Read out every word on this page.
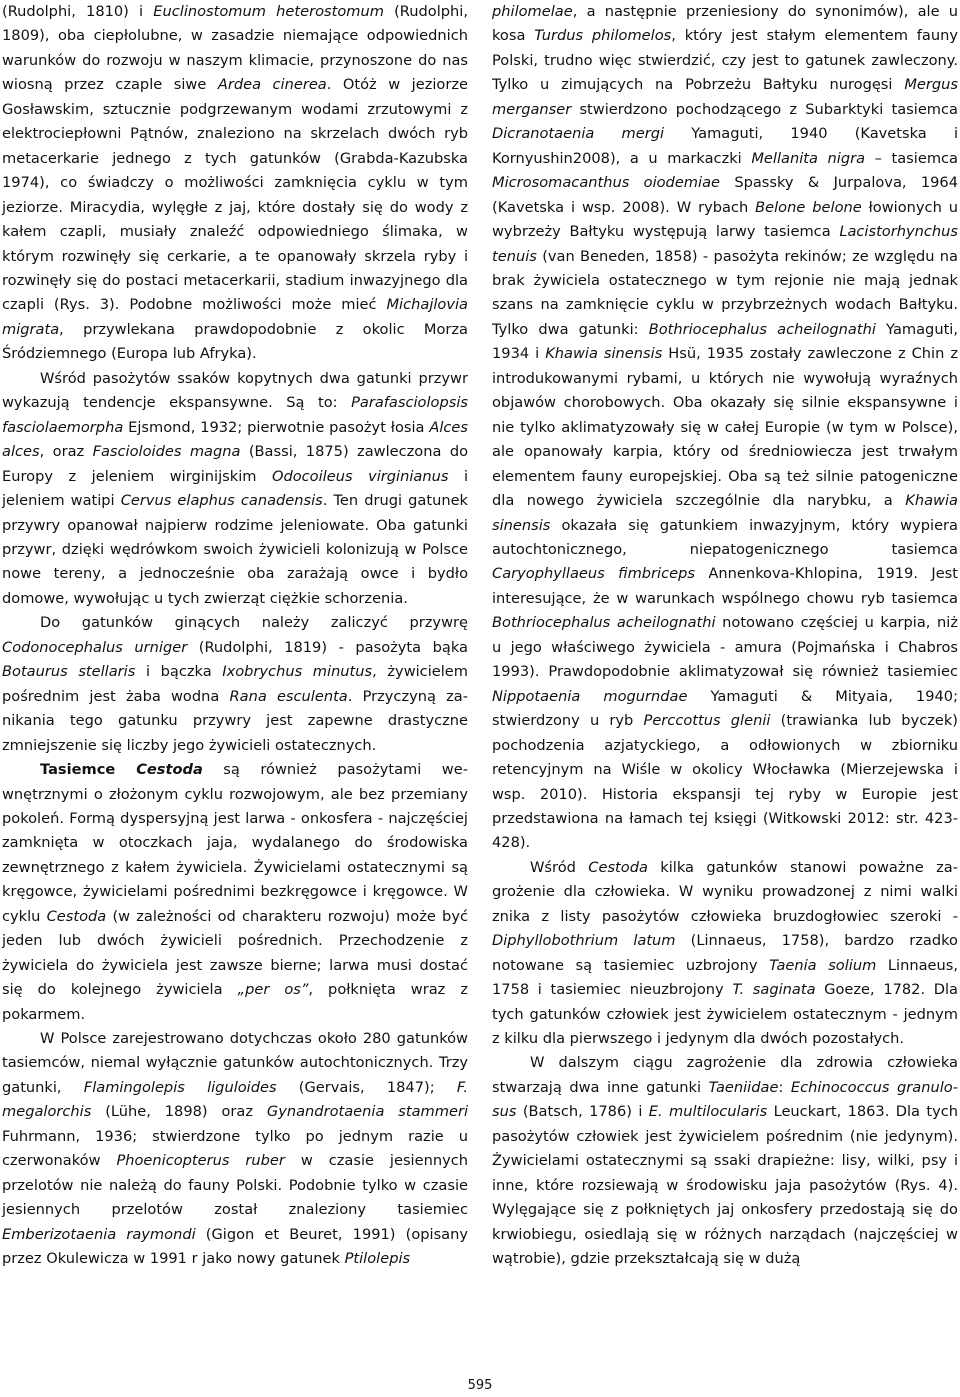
(Rudolphi, 1810) i Euclinostomum heterostomum (Rudolphi, 1809), oba ciepłolubne, w zasadzie niemające odpowiednich warunków do rozwoju w naszym klimacie, przynoszone do nas wiosną przez czaple siwe Ardea cinerea. Otóż w jeziorze Gosławskim, sztucznie podgrzewanym wodami zrzutowymi z elektrociepłowni Pątnów, znaleziono na skrzelach dwóch ryb metacerkarie jednego z tych gatunków (Grabda-Kazubska 1974), co świadczy o możliwości zamknięcia cyklu w tym jeziorze. Miracydia, wylęgłe z jaj, które dostały się do wody z kałem czapli, musiały znaleźć odpowiedniego ślimaka, w którym rozwinęły się cerkarie, a te opanowały skrzela ryby i rozwinęły się do postaci metacerkarii, stadium inwazyjnego dla czapli (Rys. 3). Podobne możliwości może mieć Michajlovia migrata, przywlekana prawdopodobnie z okolic Morza Śródziemnego (Europa lub Afryka).

Wśród pasożytów ssaków kopytnych dwa gatunki przywr wykazują tendencje ekspansywne. Są to: Parafasciolopsis fasciolaemorpha Ejsmond, 1932; pierwotnie pasożyt łosia Alces alces, oraz Fascioloides magna (Bassi, 1875) zawleczona do Europy z jeleniem wirginijskim Odocoileus virginianus i jeleniem watipi Cervus elaphus canadensis. Ten drugi gatunek przywry opanował najpierw rodzime jeleniowate. Oba gatunki przywr, dzięki wędrówkom swoich żywicieli kolonizują w Polsce nowe tereny, a jednocześnie oba zarażają owce i bydło domowe, wywołując u tych zwierząt ciężkie schorzenia.

Do gatunków ginących należy zaliczyć przywrę Codonocephalus urniger (Rudolphi, 1819) - pasożyta bąka Botaurus stellaris i bączka Ixobrychus minutus, żywicielem pośrednim jest żaba wodna Rana esculenta. Przyczyną zanikania tego gatunku przywry jest zapewne drastyczne zmniejszenie się liczby jego żywicieli ostatecznych.

Tasiemce Cestoda są również pasożytami wewnętrznymi o złożonym cyklu rozwojowym, ale bez przemiany pokoleń. Formą dyspersyjną jest larwa - onkosfera - najczęściej zamknięta w otoczkach jaja, wydalanego do środowiska zewnętrznego z kałem żywiciela. Żywicielami ostatecznymi są kręgowce, żywicielami pośrednimi bezkręgowce i kręgowce. W cyklu Cestoda (w zależności od charakteru rozwoju) może być jeden lub dwóch żywicieli pośrednich. Przechodzenie z żywiciela do żywiciela jest zawsze bierne; larwa musi dostać się do kolejnego żywiciela „per os”, połknięta wraz z pokarmem.

W Polsce zarejestrowano dotychczas około 280 gatunków tasiemców, niemal wyłącznie gatunków autochtonicznych. Trzy gatunki, Flamingolepis liguloides (Gervais, 1847); F. megalorchis (Lühe, 1898) oraz Gynandrotaenia stammeri Fuhrmann, 1936; stwierdzone tylko po jednym razie u czerwonaków Phoenicopterus ruber w czasie jesiennych przelotów nie należą do fauny Polski. Podobnie tylko w czasie jesiennych przelotów został znaleziony tasiemiec Emberizotaenia raymondi (Gigon et Beuret, 1991) (opisany przez Okulewicza w 1991 r jako nowy gatunek Ptilolepis

philomelae, a następnie przeniesiony do synonimów), ale u kosa Turdus philomelos, który jest stałym elementem fauny Polski, trudno więc stwierdzić, czy jest to gatunek zawleczony. Tylko u zimujących na Pobrzeżu Bałtyku nurogęsi Mergus merganser stwierdzono pochodzącego z Subarktyki tasiemca Dicranotaenia mergi Yamaguti, 1940 (Kavetska i Kornyushin2008), a u markaczki Mellanita nigra – tasiemca Microsomacanthus oiodemiae Spassky & Jurpalova, 1964 (Kavetska i wsp. 2008). W rybach Belone belone łowionych u wybrzeży Bałtyku występują larwy tasiemca Lacistorhynchus tenuis (van Beneden, 1858) - pasożyta rekinów; ze względu na brak żywiciela ostatecznego w tym rejonie nie mają jednak szans na zamknięcie cyklu w przybrzeżnych wodach Bałtyku. Tylko dwa gatunki: Bothriocephalus acheilognathi Yamaguti, 1934 i Khawia sinensis Hsü, 1935 zostały zawleczone z Chin z introdukowanymi rybami, u których nie wywołują wyraźnych objawów chorobowych. Oba okazały się silnie ekspansywne i nie tylko aklimatyzowały się w całej Europie (w tym w Polsce), ale opanowały karpia, który od średniowiecza jest trwałym elementem fauny europejskiej. Oba są też silnie patogeniczne dla nowego żywiciela szczególnie dla narybku, a Khawia sinensis okazała się gatunkiem inwazyjnym, który wypiera autochtonicznego, niepatogenicznego tasiemca Caryophyllaeus fimbriceps Annenkova-Khlopina, 1919. Jest interesujące, że w warunkach wspólnego chowu ryb tasiemca Bothriocephalus acheilognathi notowano częściej u karpia, niż u jego właściwego żywiciela - amura (Pojmańska i Chabros 1993). Prawdopodobnie aklimatyzował się również tasiemiec Nippotaenia mogurndae Yamaguti & Mityaia, 1940; stwierdzony u ryb Perccottus glenii (trawianka lub byczek) pochodzenia azjatyckiego, a odłowionych w zbiorniku retencyjnym na Wiśle w okolicy Włocławka (Mierzejewska i wsp. 2010). Historia ekspansji tej ryby w Europie jest przedstawiona na łamach tej księgi (Witkowski 2012: str. 423-428).

Wśród Cestoda kilka gatunków stanowi poważne zagrożenie dla człowieka. W wyniku prowadzonej z nimi walki znika z listy pasożytów człowieka bruzdogłowiec szeroki - Diphyllobothrium latum (Linnaeus, 1758), bardzo rzadko notowane są tasiemiec uzbrojony Taenia solium Linnaeus, 1758 i tasiemiec nieuzbrojony T. saginata Goeze, 1782. Dla tych gatunków człowiek jest żywicielem ostatecznym - jednym z kilku dla pierwszego i jedynym dla dwóch pozostałych.

W dalszym ciągu zagrożenie dla zdrowia człowieka stwarzają dwa inne gatunki Taeniidae: Echinococcus granulosus (Batsch, 1786) i E. multilocularis Leuckart, 1863. Dla tych pasożytów człowiek jest żywicielem pośrednim (nie jedynym). Żywicielami ostatecznymi są ssaki drapieżne: lisy, wilki, psy i inne, które rozsiewają w środowisku jaja pasożytów (Rys. 4). Wylęgające się z połkniętych jaj onkosfery przedostają się do krwiobiegu, osiedlają się w różnych narządach (najczęściej w wątrobie), gdzie przekształcają się w dużą

595
